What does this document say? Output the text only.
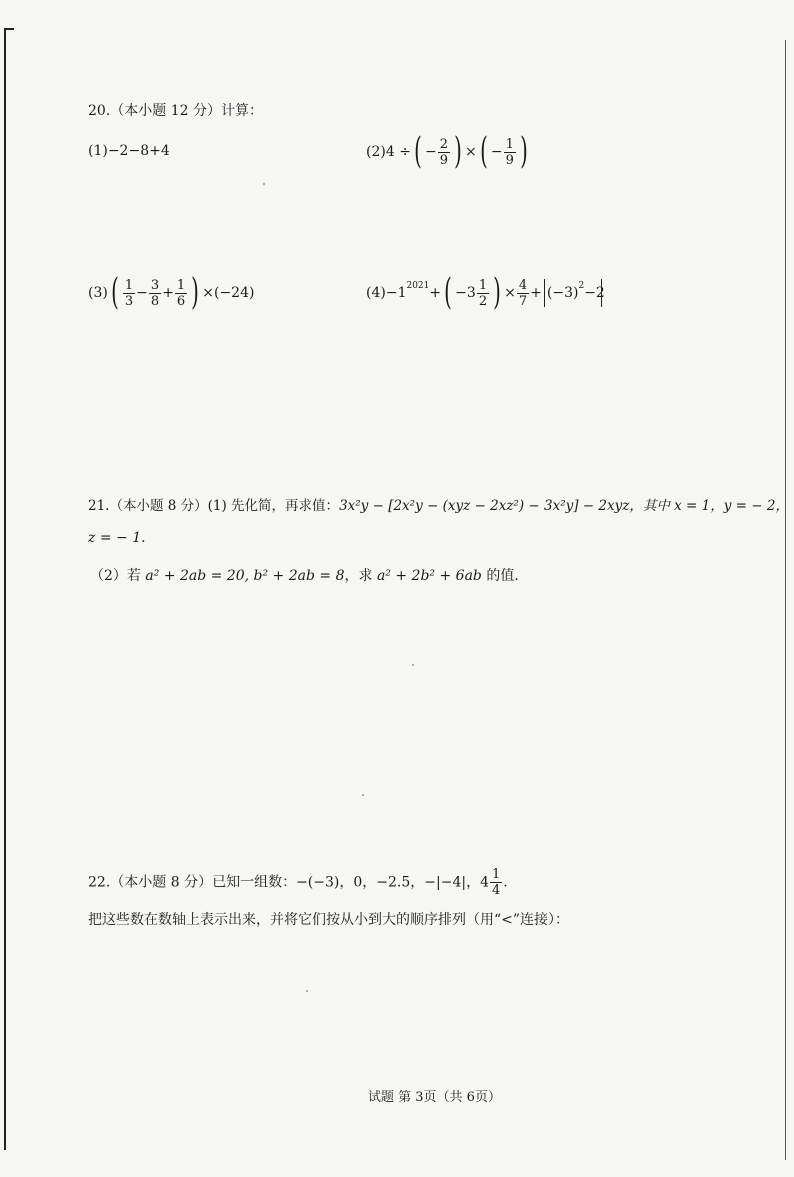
20.（本小题 12 分）计算：
(1)−2−8+4	(2)4 ÷( − $\frac{2}{9}$ ) ×( − $\frac{1}{9}$ )
$(3)( \frac{1}{3} - \frac{3}{8} + \frac{1}{6}$ ) ×(−24)	$(4)-1^{2021}+( -3 \frac{1}{2}$ ) × $\frac{4}{7} + (-3)^2-2$
21.（本小题 8 分）(1) 先化简，再求值：3x²y − [2x²y − (xyz − 2xz²) − 3x²y] − 2xyz，其中 x = 1，y = − 2，
z = − 1.
（2）若 a² + 2ab = 20, b² + 2ab = 8，求 a² + 2b² + 6ab 的值.
22.（本小题 8 分）已知一组数：−(−3)，0，−2.5，−|−4|，$4 \frac{1}{4}$ .
把这些数在数轴上表示出来，并将它们按从小到大的顺序排列（用“<”连接）：
试题 第 3页（共 6页）
